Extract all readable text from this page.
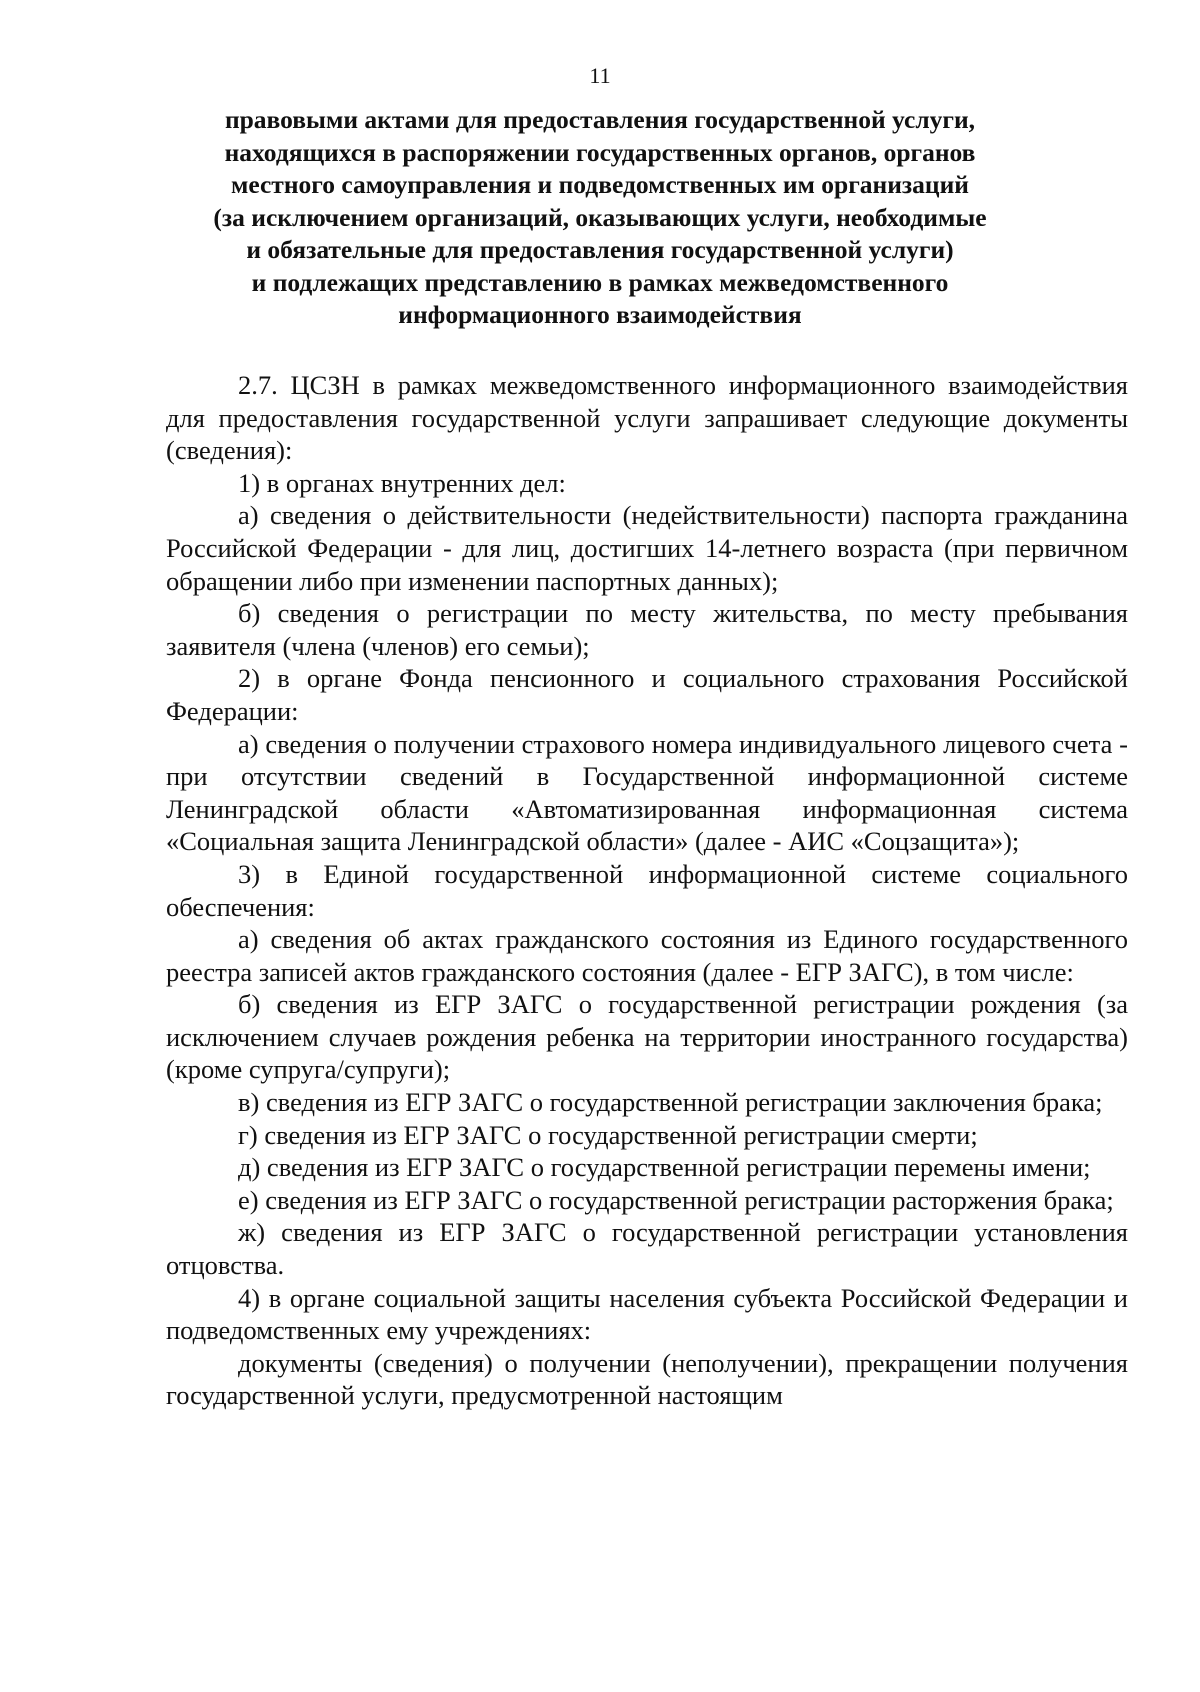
11
правовыми актами для предоставления государственной услуги,
находящихся в распоряжении государственных органов, органов
местного самоуправления и подведомственных им организаций
(за исключением организаций, оказывающих услуги, необходимые
и обязательные для предоставления государственной услуги)
и подлежащих представлению в рамках межведомственного
информационного взаимодействия

2.7. ЦСЗН в рамках межведомственного информационного взаимодействия для предоставления государственной услуги запрашивает следующие документы (сведения):

1) в органах внутренних дел:

а) сведения о действительности (недействительности) паспорта гражданина Российской Федерации - для лиц, достигших 14-летнего возраста (при первичном обращении либо при изменении паспортных данных);

б) сведения о регистрации по месту жительства, по месту пребывания заявителя (члена (членов) его семьи);

2) в органе Фонда пенсионного и социального страхования Российской Федерации:

а) сведения о получении страхового номера индивидуального лицевого счета - при отсутствии сведений в Государственной информационной системе Ленинградской области «Автоматизированная информационная система «Социальная защита Ленинградской области» (далее - АИС «Соцзащита»);

3) в Единой государственной информационной системе социального обеспечения:

а) сведения об актах гражданского состояния из Единого государственного реестра записей актов гражданского состояния (далее - ЕГР ЗАГС), в том числе:

б) сведения из ЕГР ЗАГС о государственной регистрации рождения (за исключением случаев рождения ребенка на территории иностранного государства) (кроме супруга/супруги);

в) сведения из ЕГР ЗАГС о государственной регистрации заключения брака;

г) сведения из ЕГР ЗАГС о государственной регистрации смерти;

д) сведения из ЕГР ЗАГС о государственной регистрации перемены имени;

е) сведения из ЕГР ЗАГС о государственной регистрации расторжения брака;

ж) сведения из ЕГР ЗАГС о государственной регистрации установления отцовства.

4) в органе социальной защиты населения субъекта Российской Федерации и подведомственных ему учреждениях:

документы (сведения) о получении (неполучении), прекращении получения государственной услуги, предусмотренной настоящим
